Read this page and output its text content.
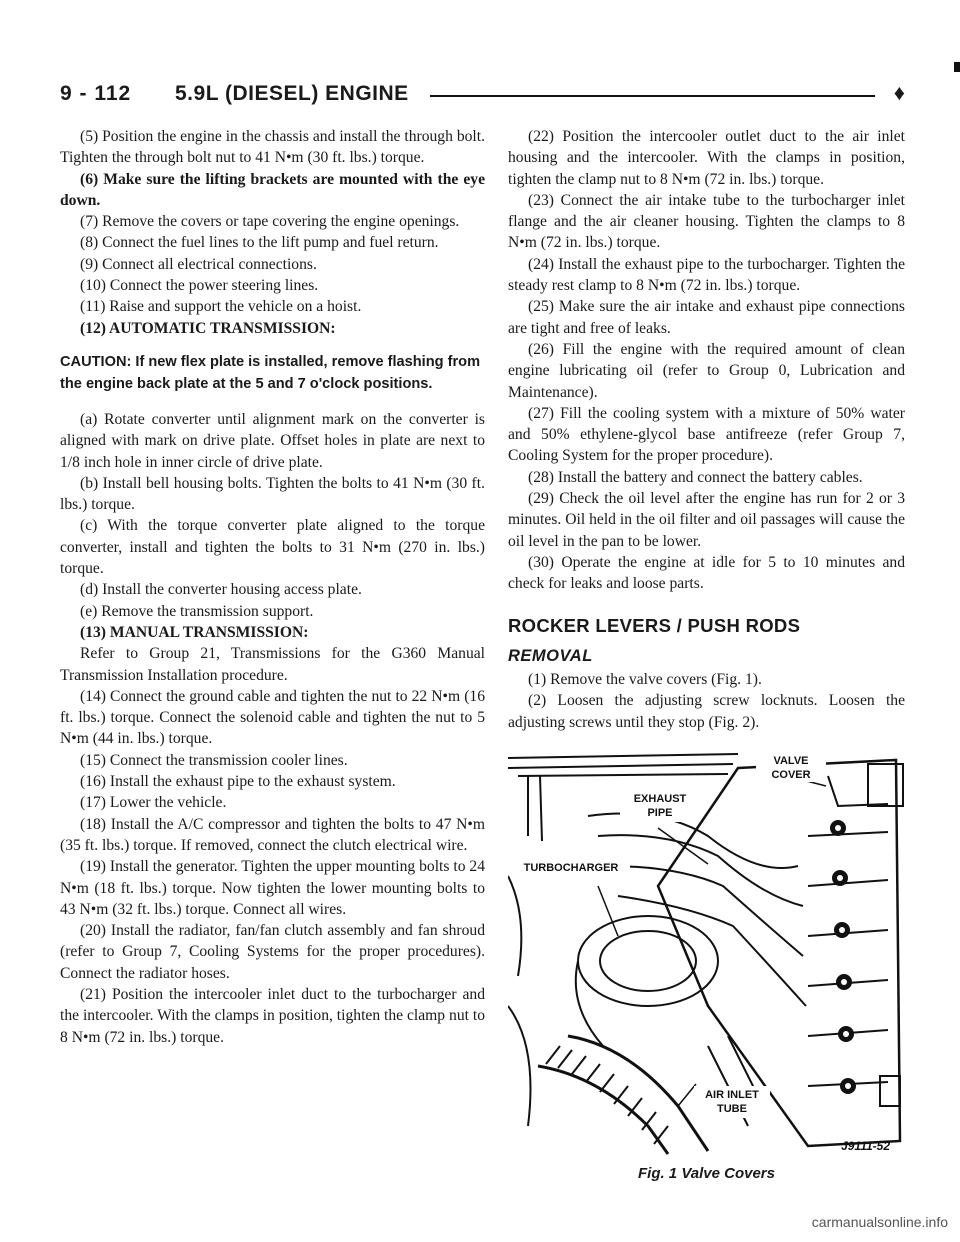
9 - 112 5.9L (DIESEL) ENGINE	♦

(5) Position the engine in the chassis and install the through bolt. Tighten the through bolt nut to 41 N•m (30 ft. lbs.) torque.

(6) Make sure the lifting brackets are mounted with the eye down.

(7) Remove the covers or tape covering the engine openings.

(8) Connect the fuel lines to the lift pump and fuel return.

(9) Connect all electrical connections.

(10) Connect the power steering lines.

(11) Raise and support the vehicle on a hoist.

(12) AUTOMATIC TRANSMISSION:

CAUTION: If new flex plate is installed, remove flashing from the engine back plate at the 5 and 7 o'clock positions.

(a) Rotate converter until alignment mark on the converter is aligned with mark on drive plate. Offset holes in plate are next to 1/8 inch hole in inner circle of drive plate.

(b) Install bell housing bolts. Tighten the bolts to 41 N•m (30 ft. lbs.) torque.

(c) With the torque converter plate aligned to the torque converter, install and tighten the bolts to 31 N•m (270 in. lbs.) torque.

(d) Install the converter housing access plate.

(e) Remove the transmission support.

(13) MANUAL TRANSMISSION:

Refer to Group 21, Transmissions for the G360 Manual Transmission Installation procedure.

(14) Connect the ground cable and tighten the nut to 22 N•m (16 ft. lbs.) torque. Connect the solenoid cable and tighten the nut to 5 N•m (44 in. lbs.) torque.

(15) Connect the transmission cooler lines.

(16) Install the exhaust pipe to the exhaust system.

(17) Lower the vehicle.

(18) Install the A/C compressor and tighten the bolts to 47 N•m (35 ft. lbs.) torque. If removed, connect the clutch electrical wire.

(19) Install the generator. Tighten the upper mounting bolts to 24 N•m (18 ft. lbs.) torque. Now tighten the lower mounting bolts to 43 N•m (32 ft. lbs.) torque. Connect all wires.

(20) Install the radiator, fan/fan clutch assembly and fan shroud (refer to Group 7, Cooling Systems for the proper procedures). Connect the radiator hoses.

(21) Position the intercooler inlet duct to the turbocharger and the intercooler. With the clamps in position, tighten the clamp nut to 8 N•m (72 in. lbs.) torque.

(22) Position the intercooler outlet duct to the air inlet housing and the intercooler. With the clamps in position, tighten the clamp nut to 8 N•m (72 in. lbs.) torque.

(23) Connect the air intake tube to the turbocharger inlet flange and the air cleaner housing. Tighten the clamps to 8 N•m (72 in. lbs.) torque.

(24) Install the exhaust pipe to the turbocharger. Tighten the steady rest clamp to 8 N•m (72 in. lbs.) torque.

(25) Make sure the air intake and exhaust pipe connections are tight and free of leaks.

(26) Fill the engine with the required amount of clean engine lubricating oil (refer to Group 0, Lubrication and Maintenance).

(27) Fill the cooling system with a mixture of 50% water and 50% ethylene-glycol base antifreeze (refer Group 7, Cooling System for the proper procedure).

(28) Install the battery and connect the battery cables.

(29) Check the oil level after the engine has run for 2 or 3 minutes. Oil held in the oil filter and oil passages will cause the oil level in the pan to be lower.

(30) Operate the engine at idle for 5 to 10 minutes and check for leaks and loose parts.

ROCKER LEVERS / PUSH RODS
REMOVAL

(1) Remove the valve covers (Fig. 1).

(2) Loosen the adjusting screw locknuts. Loosen the adjusting screws until they stop (Fig. 2).

VALVE
COVER
EXHAUST
PIPE
TURBOCHARGER
AIR INLET
TUBE
J9111-52
Fig. 1 Valve Covers
carmanualsonline.info
